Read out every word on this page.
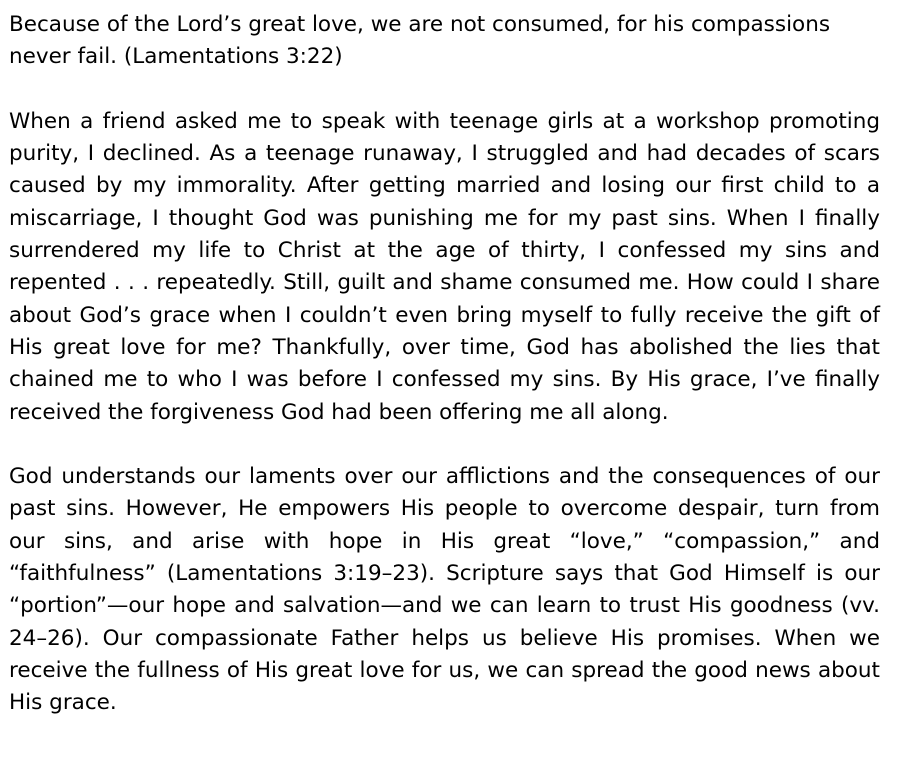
Because of the Lord’s great love, we are not consumed, for his compassions never fail. (Lamentations 3:22)

When a friend asked me to speak with teenage girls at a workshop promoting purity, I declined. As a teenage runaway, I struggled and had decades of scars caused by my immorality. After getting married and losing our first child to a miscarriage, I thought God was punishing me for my past sins. When I finally surrendered my life to Christ at the age of thirty, I confessed my sins and repented . . . repeatedly. Still, guilt and shame consumed me. How could I share about God’s grace when I couldn’t even bring myself to fully receive the gift of His great love for me? Thankfully, over time, God has abolished the lies that chained me to who I was before I confessed my sins. By His grace, I’ve finally received the forgiveness God had been offering me all along.

God understands our laments over our afflictions and the consequences of our past sins. However, He empowers His people to overcome despair, turn from our sins, and arise with hope in His great “love,” “compassion,” and “faithfulness” (Lamentations 3:19–23). Scripture says that God Himself is our “portion”—our hope and salvation—and we can learn to trust His goodness (vv. 24–26). Our compassionate Father helps us believe His promises. When we receive the fullness of His great love for us, we can spread the good news about His grace.
